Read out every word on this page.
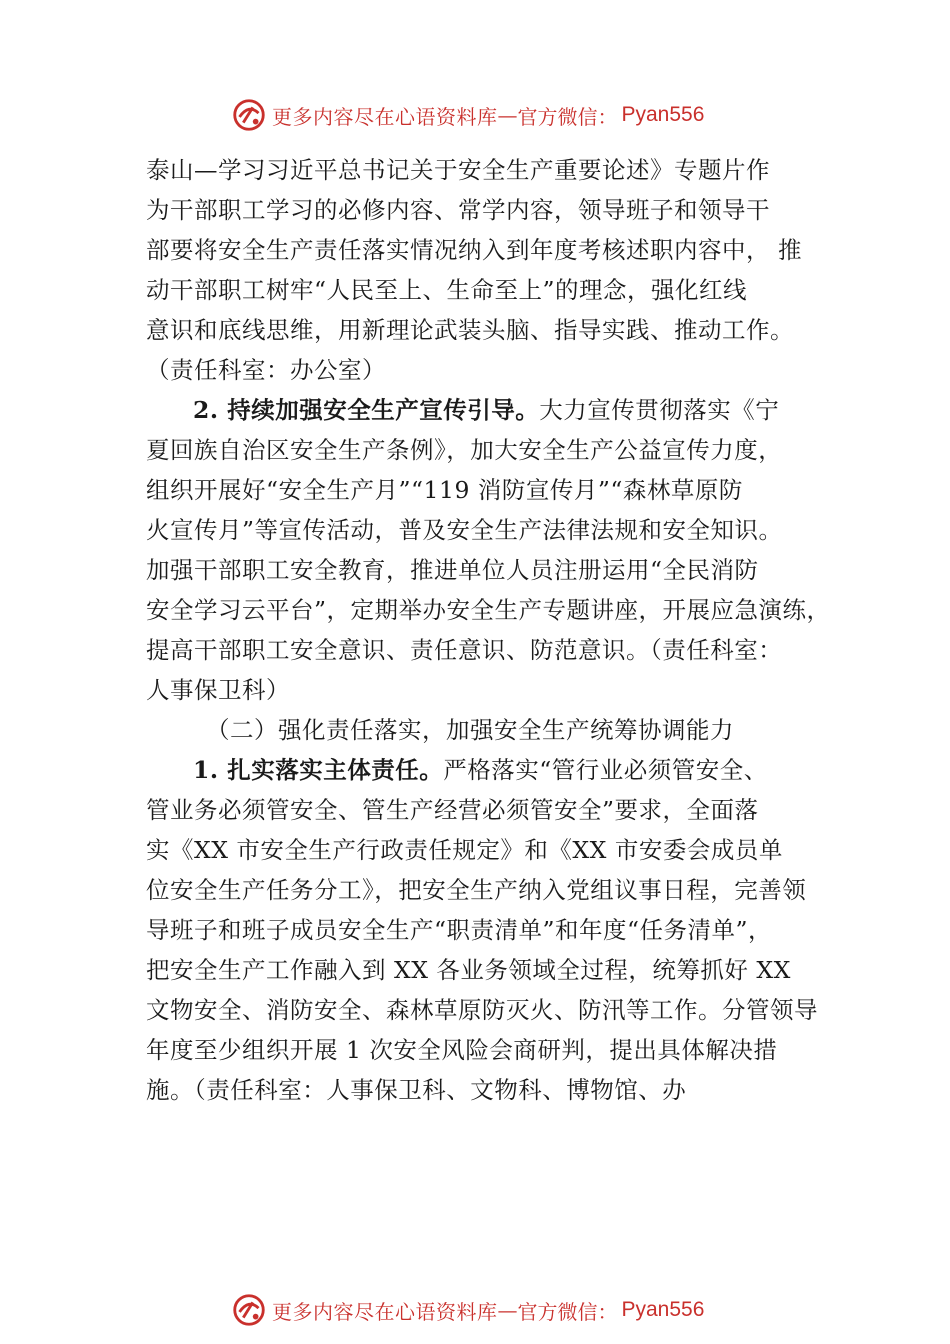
更多内容尽在心语资料库 — 官方微信： Pyan556
泰山—学习习近平总书记关于安全生产重要论述》专题片作
为干部职工学习的必修内容、常学内容，领导班子和领导干
部要将安全生产责任落实情况纳入到年度考核述职内容中， 推
动干部职工树牢“人民至上、生命至上”的理念，强化红线
意识和底线思维，用新理论武装头脑、指导实践、推动工作。
（责任科室：办公室）
2. 持续加强安全生产宣传引导。大力宣传贯彻落实《宁
夏回族自治区安全生产条例》，加大安全生产公益宣传力度，
组织开展好“安全生产月”“119 消防宣传月”“森林草原防
火宣传月”等宣传活动，普及安全生产法律法规和安全知识。
加强干部职工安全教育，推进单位人员注册运用“全民消防
安全学习云平台”，定期举办安全生产专题讲座，开展应急演练，
提高干部职工安全意识、责任意识、防范意识。（责任科室：
人事保卫科）
（二）强化责任落实，加强安全生产统筹协调能力
1. 扎实落实主体责任。严格落实“管行业必须管安全、
管业务必须管安全、管生产经营必须管安全”要求，全面落
实《XX 市安全生产行政责任规定》和《XX 市安委会成员单
位安全生产任务分工》，把安全生产纳入党组议事日程，完善领
导班子和班子成员安全生产“职责清单”和年度“任务清单”，
把安全生产工作融入到 XX 各业务领域全过程，统筹抓好 XX
文物安全、消防安全、森林草原防灭火、防汛等工作。分管领导
年度至少组织开展 1 次安全风险会商研判，提出具体解决措
施。（责任科室：人事保卫科、文物科、博物馆、办
更多内容尽在心语资料库 — 官方微信： Pyan556
